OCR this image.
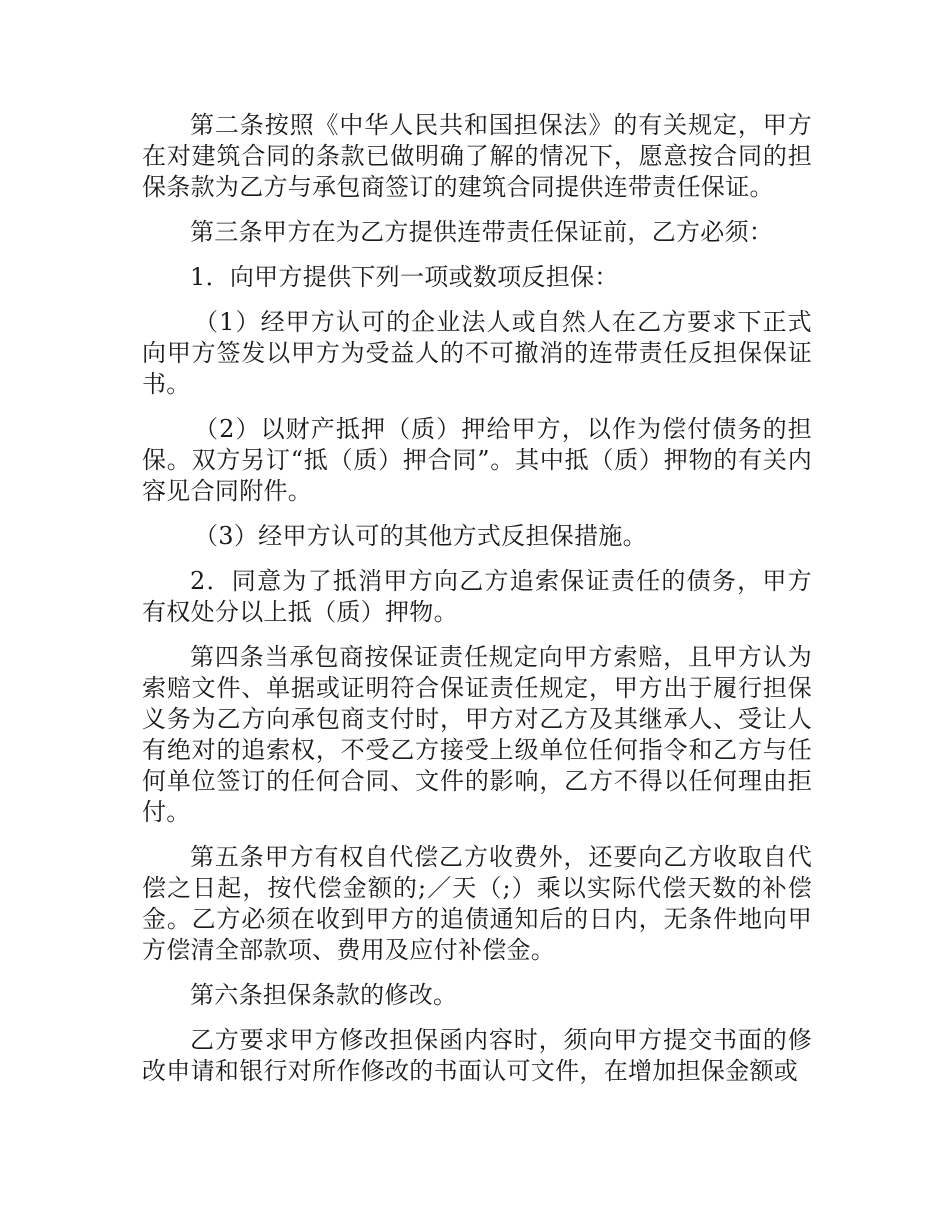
第二条按照《中华人民共和国担保法》的有关规定，甲方在对建筑合同的条款已做明确了解的情况下，愿意按合同的担保条款为乙方与承包商签订的建筑合同提供连带责任保证。

第三条甲方在为乙方提供连带责任保证前，乙方必须：

1．向甲方提供下列一项或数项反担保：

（1）经甲方认可的企业法人或自然人在乙方要求下正式向甲方签发以甲方为受益人的不可撤消的连带责任反担保保证书。

（2）以财产抵押（质）押给甲方，以作为偿付债务的担保。双方另订“抵（质）押合同”。其中抵（质）押物的有关内容见合同附件。

（3）经甲方认可的其他方式反担保措施。

2．同意为了抵消甲方向乙方追索保证责任的债务，甲方有权处分以上抵（质）押物。

第四条当承包商按保证责任规定向甲方索赔，且甲方认为索赔文件、单据或证明符合保证责任规定，甲方出于履行担保义务为乙方向承包商支付时，甲方对乙方及其继承人、受让人有绝对的追索权，不受乙方接受上级单位任何指令和乙方与任何单位签订的任何合同、文件的影响，乙方不得以任何理由拒付。

第五条甲方有权自代偿乙方收费外，还要向乙方收取自代偿之日起，按代偿金额的;／天（;）乘以实际代偿天数的补偿金。乙方必须在收到甲方的追债通知后的日内，无条件地向甲方偿清全部款项、费用及应付补偿金。

第六条担保条款的修改。

乙方要求甲方修改担保函内容时，须向甲方提交书面的修改申请和银行对所作修改的书面认可文件，在增加担保金额或
